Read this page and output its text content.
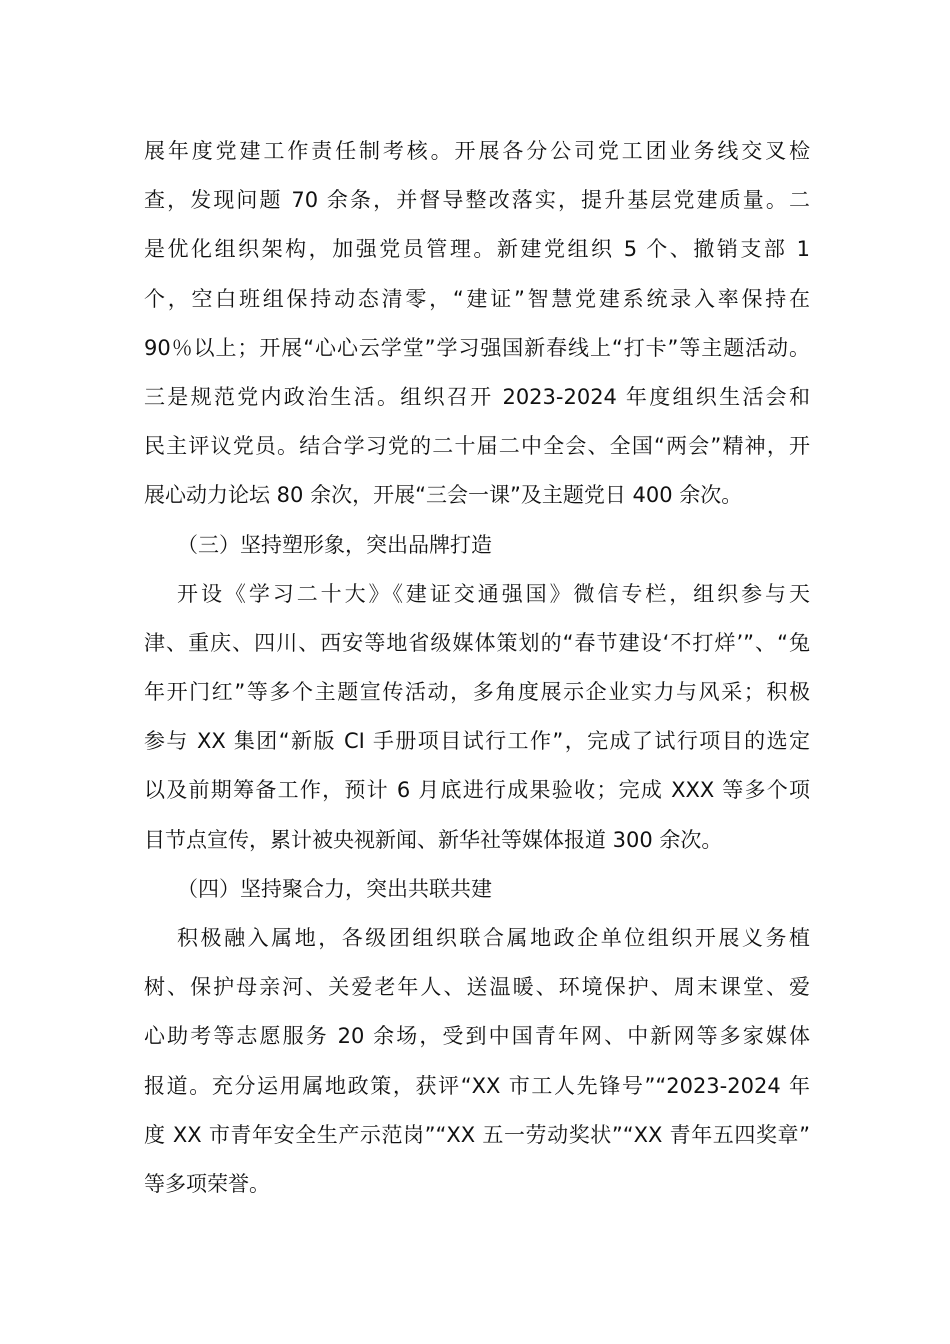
展年度党建工作责任制考核。开展各分公司党工团业务线交叉检
查，发现问题 70 余条，并督导整改落实，提升基层党建质量。二
是优化组织架构，加强党员管理。新建党组织 5 个、撤销支部 1
个，空白班组保持动态清零，“建证”智慧党建系统录入率保持在
90％以上；开展“心心云学堂”学习强国新春线上“打卡”等主题活动。
三是规范党内政治生活。组织召开 2023-2024 年度组织生活会和
民主评议党员。结合学习党的二十届二中全会、全国“两会”精神，开
展心动力论坛 80 余次，开展“三会一课”及主题党日 400 余次。
（三）坚持塑形象，突出品牌打造
开设《学习二十大》《建证交通强国》微信专栏，组织参与天
津、重庆、四川、西安等地省级媒体策划的“春节建设‘不打烊’”、“兔
年开门红”等多个主题宣传活动，多角度展示企业实力与风采；积极
参与 XX 集团“新版 CI 手册项目试行工作”，完成了试行项目的选定
以及前期筹备工作，预计 6 月底进行成果验收；完成 XXX 等多个项
目节点宣传，累计被央视新闻、新华社等媒体报道 300 余次。
（四）坚持聚合力，突出共联共建
积极融入属地，各级团组织联合属地政企单位组织开展义务植
树、保护母亲河、关爱老年人、送温暖、环境保护、周末课堂、爱
心助考等志愿服务 20 余场，受到中国青年网、中新网等多家媒体
报道。充分运用属地政策，获评“XX 市工人先锋号”“2023-2024 年
度 XX 市青年安全生产示范岗”“XX 五一劳动奖状”“XX 青年五四奖章”
等多项荣誉。
